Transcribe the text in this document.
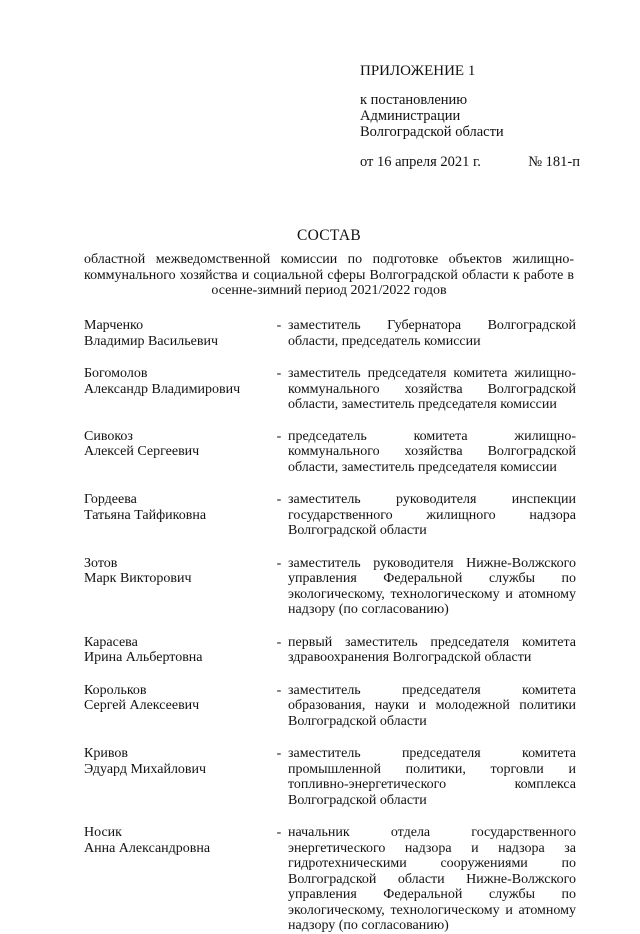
ПРИЛОЖЕНИЕ 1
к постановлению
Администрации
Волгоградской области
от 16 апреля 2021 г.	№ 181-п
СОСТАВ
областной межведомственной комиссии по подготовке объектов жилищно-коммунального хозяйства и социальной сферы Волгоградской области к работе в осенне-зимний период 2021/2022 годов
Марченко
Владимир Васильевич
- заместитель Губернатора Волгоградской области, председатель комиссии
Богомолов
Александр Владимирович
- заместитель председателя комитета жилищно-коммунального хозяйства Волгоградской области, заместитель председателя комиссии
Сивокоз
Алексей Сергеевич
- председатель комитета жилищно-коммунального хозяйства Волгоградской области, заместитель председателя комиссии
Гордеева
Татьяна Тайфиковна
- заместитель руководителя инспекции государственного жилищного надзора Волгоградской области
Зотов
Марк Викторович
- заместитель руководителя Нижне-Волжского управления Федеральной службы по экологическому, технологическому и атомному надзору (по согласованию)
Карасева
Ирина Альбертовна
- первый заместитель председателя комитета здравоохранения Волгоградской области
Корольков
Сергей Алексеевич
- заместитель председателя комитета образования, науки и молодежной политики Волгоградской области
Кривов
Эдуард Михайлович
- заместитель председателя комитета промышленной политики, торговли и топливно-энергетического комплекса Волгоградской области
Носик
Анна Александровна
- начальник отдела государственного энергетического надзора и надзора за гидротехническими сооружениями по Волгоградской области Нижне-Волжского управления Федеральной службы по экологическому, технологическому и атомному надзору (по согласованию)
